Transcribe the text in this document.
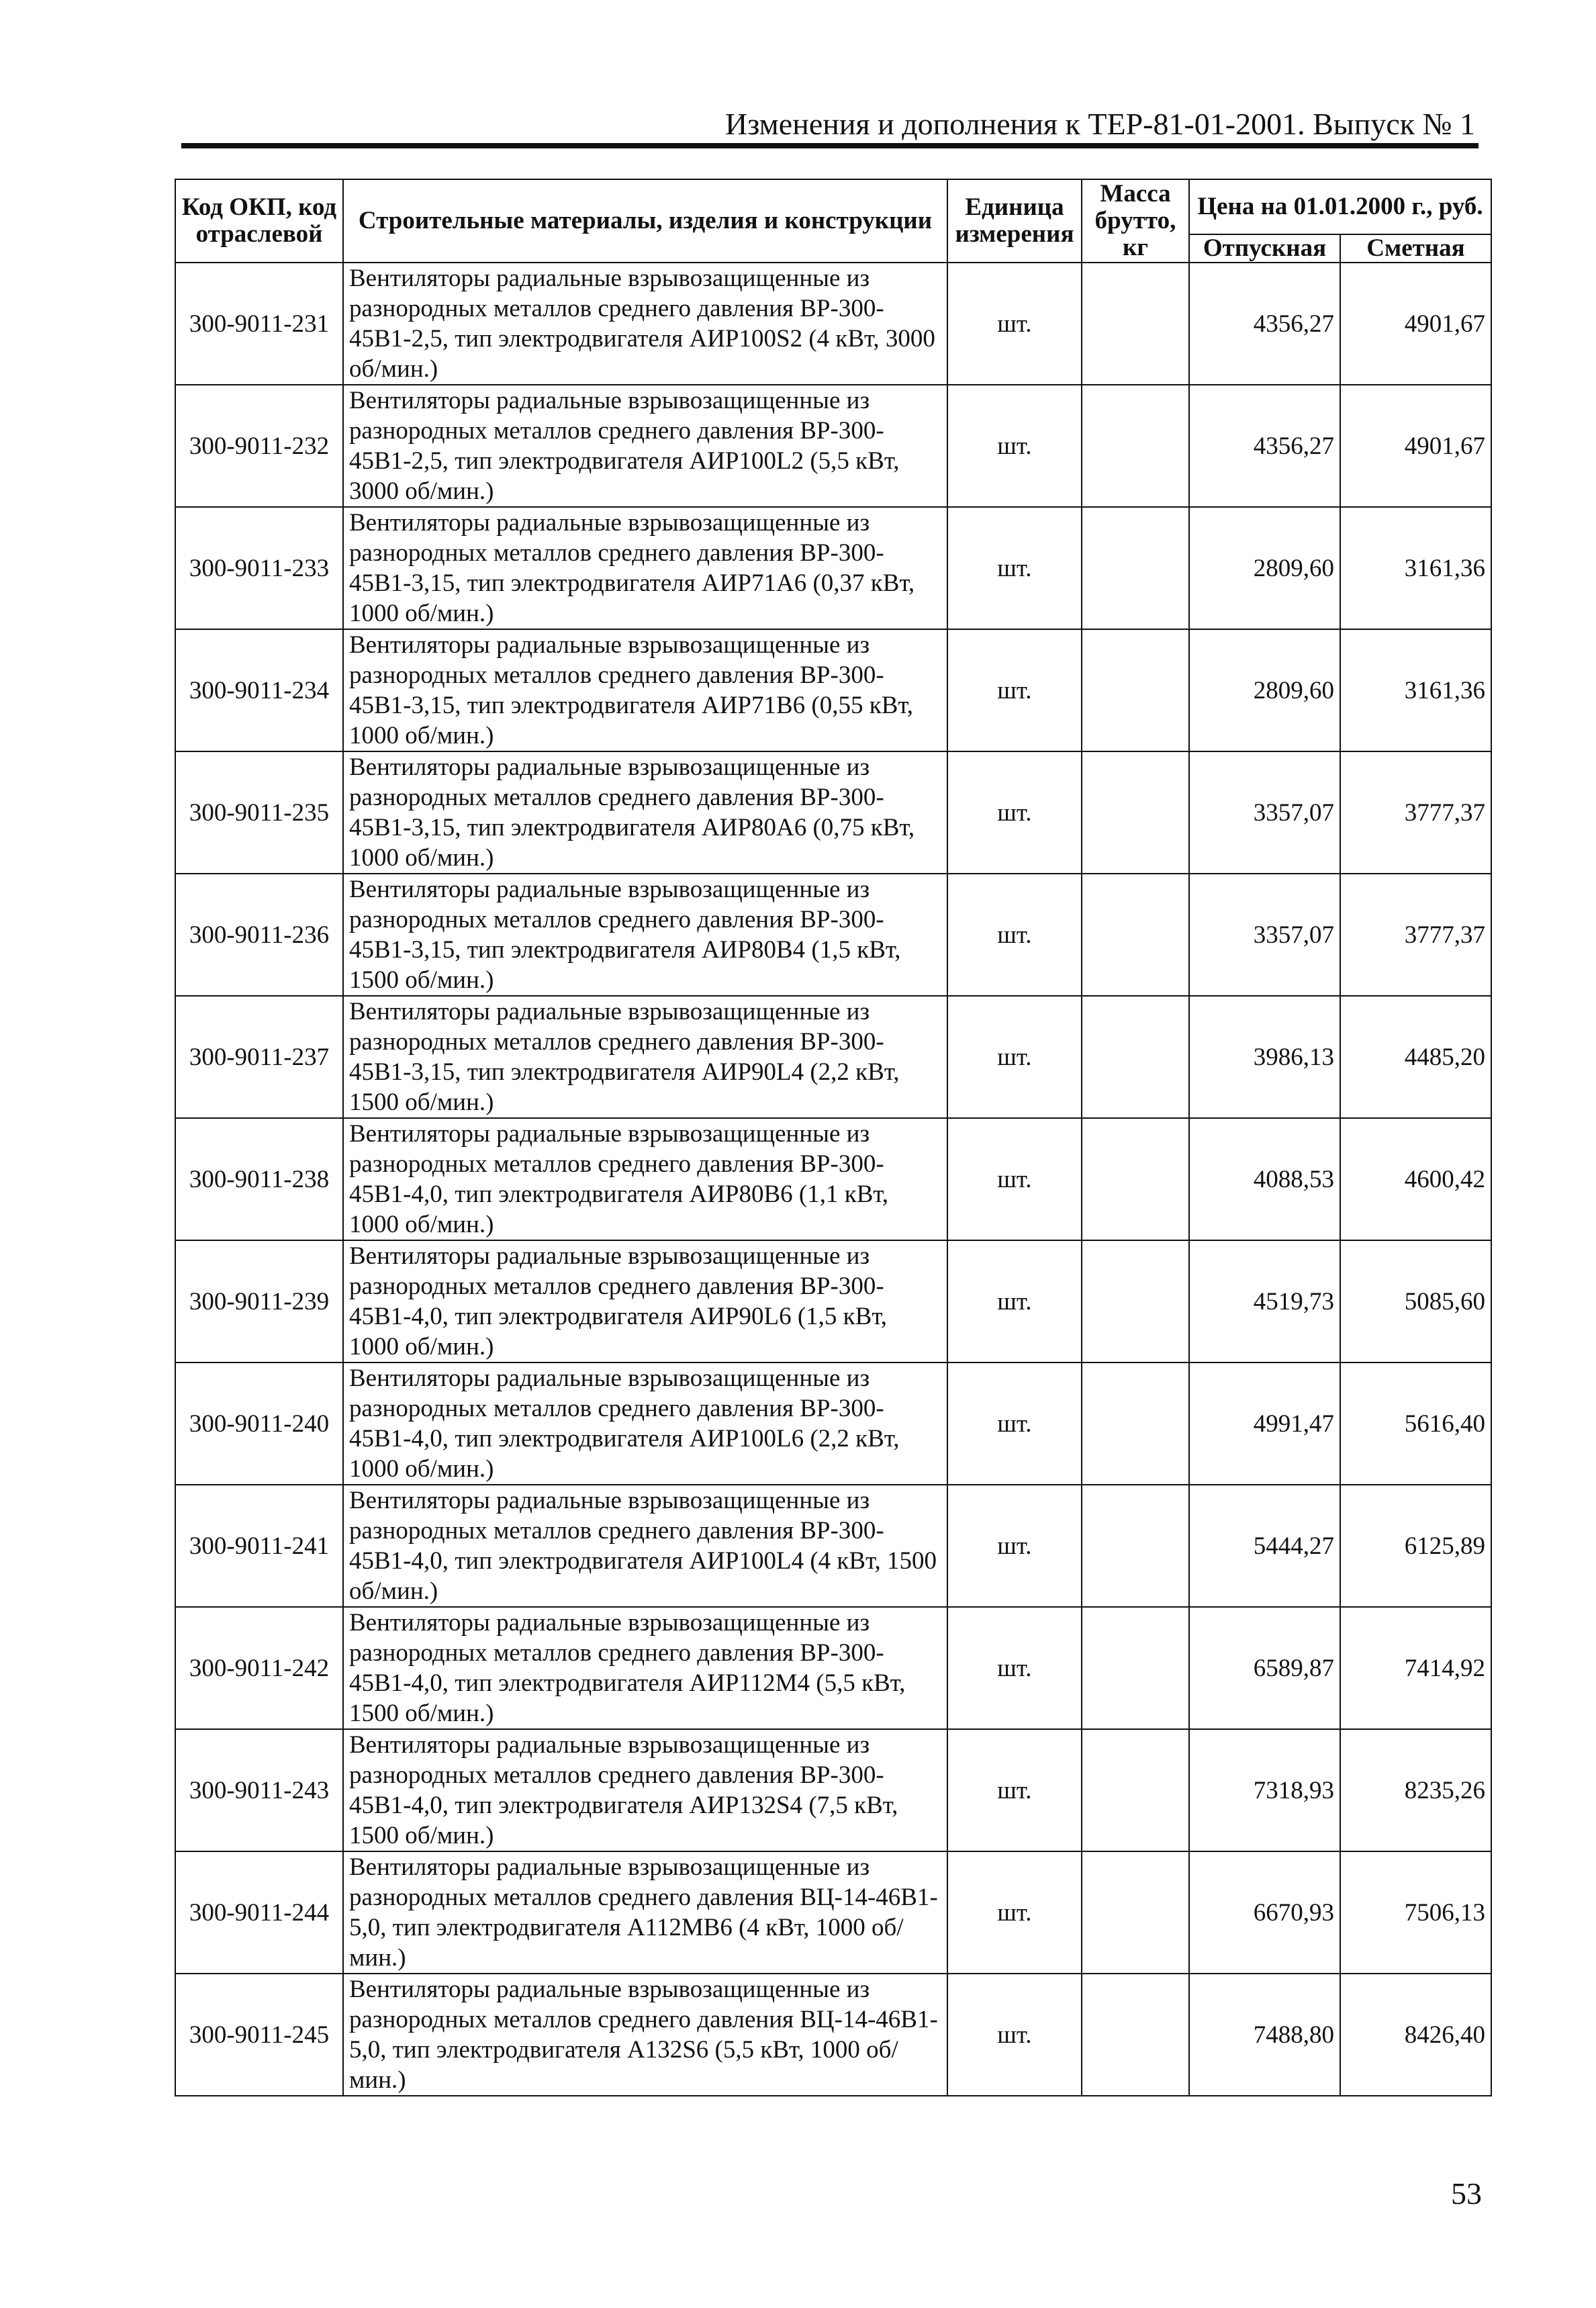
Изменения и дополнения к ТЕР-81-01-2001. Выпуск № 1
Код ОКП, код отраслевой	Строительные материалы, изделия и конструкции	Единица измерения	Масса брутто, кг	Цена на 01.01.2000 г., руб.	
				Отпускная	Сметная
300-9011-231	Вентиляторы радиальные взрывозащищенные из разнородных металлов среднего давления ВР-300-45В1-2,5, тип электродвигателя АИР100S2 (4 кВт, 3000 об/мин.)	шт.		4356,27	4901,67
300-9011-232	Вентиляторы радиальные взрывозащищенные из разнородных металлов среднего давления ВР-300-45В1-2,5, тип электродвигателя АИР100L2 (5,5 кВт, 3000 об/мин.)	шт.		4356,27	4901,67
300-9011-233	Вентиляторы радиальные взрывозащищенные из разнородных металлов среднего давления ВР-300-45В1-3,15, тип электродвигателя АИР71А6 (0,37 кВт, 1000 об/мин.)	шт.		2809,60	3161,36
300-9011-234	Вентиляторы радиальные взрывозащищенные из разнородных металлов среднего давления ВР-300-45В1-3,15, тип электродвигателя АИР71В6 (0,55 кВт, 1000 об/мин.)	шт.		2809,60	3161,36
300-9011-235	Вентиляторы радиальные взрывозащищенные из разнородных металлов среднего давления ВР-300-45В1-3,15, тип электродвигателя АИР80А6 (0,75 кВт, 1000 об/мин.)	шт.		3357,07	3777,37
300-9011-236	Вентиляторы радиальные взрывозащищенные из разнородных металлов среднего давления ВР-300-45В1-3,15, тип электродвигателя АИР80В4 (1,5 кВт, 1500 об/мин.)	шт.		3357,07	3777,37
300-9011-237	Вентиляторы радиальные взрывозащищенные из разнородных металлов среднего давления ВР-300-45В1-3,15, тип электродвигателя АИР90L4 (2,2 кВт, 1500 об/мин.)	шт.		3986,13	4485,20
300-9011-238	Вентиляторы радиальные взрывозащищенные из разнородных металлов среднего давления ВР-300-45В1-4,0, тип электродвигателя АИР80В6 (1,1 кВт, 1000 об/мин.)	шт.		4088,53	4600,42
300-9011-239	Вентиляторы радиальные взрывозащищенные из разнородных металлов среднего давления ВР-300-45В1-4,0, тип электродвигателя АИР90L6 (1,5 кВт, 1000 об/мин.)	шт.		4519,73	5085,60
300-9011-240	Вентиляторы радиальные взрывозащищенные из разнородных металлов среднего давления ВР-300-45В1-4,0, тип электродвигателя АИР100L6 (2,2 кВт, 1000 об/мин.)	шт.		4991,47	5616,40
300-9011-241	Вентиляторы радиальные взрывозащищенные из разнородных металлов среднего давления ВР-300-45В1-4,0, тип электродвигателя АИР100L4 (4 кВт, 1500 об/мин.)	шт.		5444,27	6125,89
300-9011-242	Вентиляторы радиальные взрывозащищенные из разнородных металлов среднего давления ВР-300-45В1-4,0, тип электродвигателя АИР112М4 (5,5 кВт, 1500 об/мин.)	шт.		6589,87	7414,92
300-9011-243	Вентиляторы радиальные взрывозащищенные из разнородных металлов среднего давления ВР-300-45В1-4,0, тип электродвигателя АИР132S4 (7,5 кВт, 1500 об/мин.)	шт.		7318,93	8235,26
300-9011-244	Вентиляторы радиальные взрывозащищенные из разнородных металлов среднего давления ВЦ-14-46В1-5,0, тип электродвигателя А112МВ6 (4 кВт, 1000 об/мин.)	шт.		6670,93	7506,13
300-9011-245	Вентиляторы радиальные взрывозащищенные из разнородных металлов среднего давления ВЦ-14-46В1-5,0, тип электродвигателя А132S6 (5,5 кВт, 1000 об/мин.)	шт.		7488,80	8426,40
53
